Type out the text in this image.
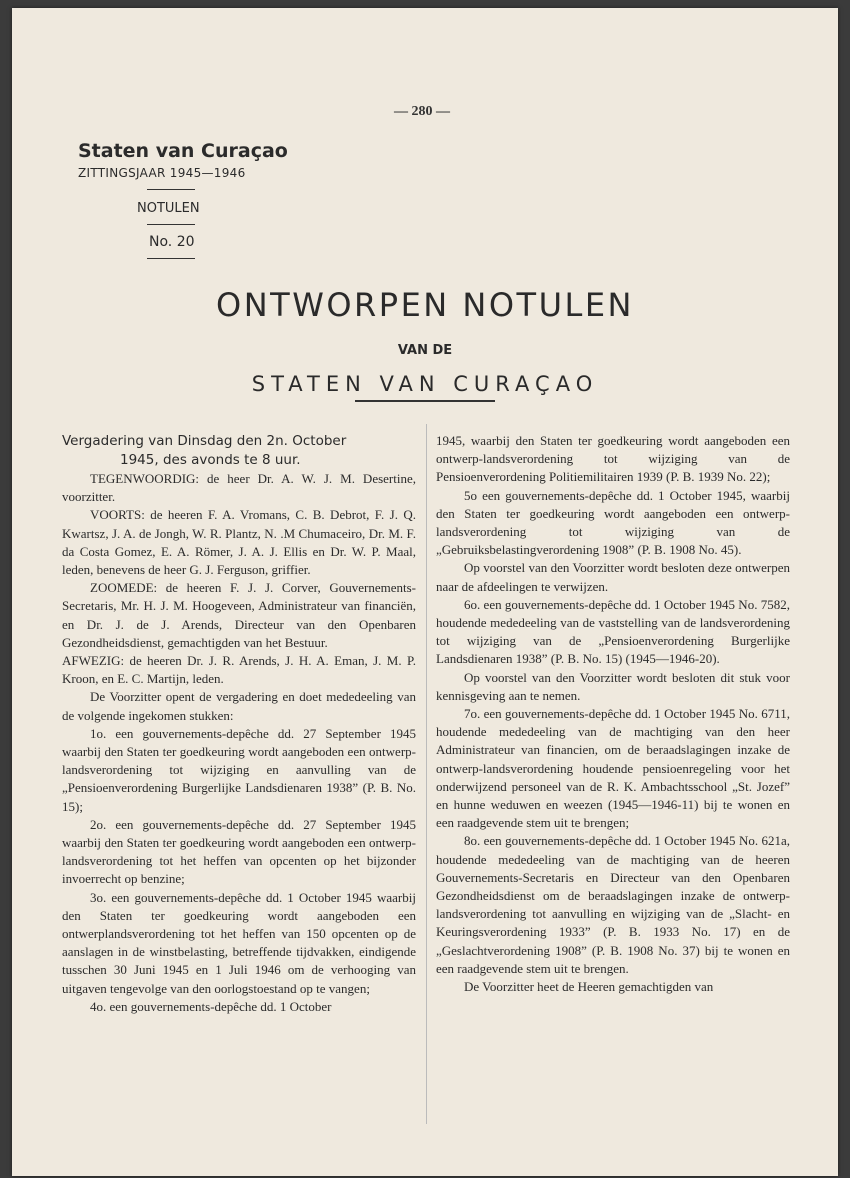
— 280 —
Staten van Curaçao
ZITTINGSJAAR 1945—1946
NOTULEN
No. 20
ONTWORPEN NOTULEN
VAN DE
STATEN VAN CURAÇAO

Vergadering van Dinsdag den 2n. October
1945, des avonds te 8 uur.

TEGENWOORDIG: de heer Dr. A. W. J. M. Desertine, voorzitter.

VOORTS: de heeren F. A. Vromans, C. B. Debrot, F. J. Q. Kwartsz, J. A. de Jongh, W. R. Plantz, N. .M Chumaceiro, Dr. M. F. da Costa Gomez, E. A. Römer, J. A. J. Ellis en Dr. W. P. Maal, leden, benevens de heer G. J. Ferguson, griffier.

ZOOMEDE: de heeren F. J. J. Corver, Gouvernements-Secretaris, Mr. H. J. M. Hoogeveen, Administrateur van financiën, en Dr. J. de J. Arends, Directeur van den Openbaren Gezondheidsdienst, gemachtigden van het Bestuur.

AFWEZIG: de heeren Dr. J. R. Arends, J. H. A. Eman, J. M. P. Kroon, en E. C. Martijn, leden.

De Voorzitter opent de vergadering en doet mededeeling van de volgende ingekomen stukken:

1o. een gouvernements-depêche dd. 27 September 1945 waarbij den Staten ter goedkeuring wordt aangeboden een ontwerp-landsverordening tot wijziging en aanvulling van de „Pensioenverordening Burgerlijke Landsdienaren 1938” (P. B. No. 15);

2o. een gouvernements-depêche dd. 27 September 1945 waarbij den Staten ter goedkeuring wordt aangeboden een ontwerp-landsverordening tot het heffen van opcenten op het bijzonder invoerrecht op benzine;

3o. een gouvernements-depêche dd. 1 October 1945 waarbij den Staten ter goedkeuring wordt aangeboden een ontwerplandsverordening tot het heffen van 150 opcenten op de aanslagen in de winstbelasting, betreffende tijdvakken, eindigende tusschen 30 Juni 1945 en 1 Juli 1946 om de verhooging van uitgaven tengevolge van den oorlogstoestand op te vangen;

4o. een gouvernements-depêche dd. 1 October

1945, waarbij den Staten ter goedkeuring wordt aangeboden een ontwerp-landsverordening tot wijziging van de Pensioenverordening Politiemilitairen 1939 (P. B. 1939 No. 22);

5o een gouvernements-depêche dd. 1 October 1945, waarbij den Staten ter goedkeuring wordt aangeboden een ontwerp-landsverordening tot wijziging van de „Gebruiksbelastingverordening 1908” (P. B. 1908 No. 45).

Op voorstel van den Voorzitter wordt besloten deze ontwerpen naar de afdeelingen te verwijzen.

6o. een gouvernements-depêche dd. 1 October 1945 No. 7582, houdende mededeeling van de vaststelling van de landsverordening tot wijziging van de „Pensioenverordening Burgerlijke Landsdienaren 1938” (P. B. No. 15) (1945—1946-20).

Op voorstel van den Voorzitter wordt besloten dit stuk voor kennisgeving aan te nemen.

7o. een gouvernements-depêche dd. 1 October 1945 No. 6711, houdende mededeeling van de machtiging van den heer Administrateur van financien, om de beraadslagingen inzake de ontwerp-landsverordening houdende pensioenregeling voor het onderwijzend personeel van de R. K. Ambachtsschool „St. Jozef” en hunne weduwen en weezen (1945—1946-11) bij te wonen en een raadgevende stem uit te brengen;

8o. een gouvernements-depêche dd. 1 October 1945 No. 621a, houdende mededeeling van de machtiging van de heeren Gouvernements-Secretaris en Directeur van den Openbaren Gezondheidsdienst om de beraadslagingen inzake de ontwerp-landsverordening tot aanvulling en wijziging van de „Slacht- en Keuringsverordening 1933” (P. B. 1933 No. 17) en de „Geslachtverordening 1908” (P. B. 1908 No. 37) bij te wonen en een raadgevende stem uit te brengen.

De Voorzitter heet de Heeren gemachtigden van
